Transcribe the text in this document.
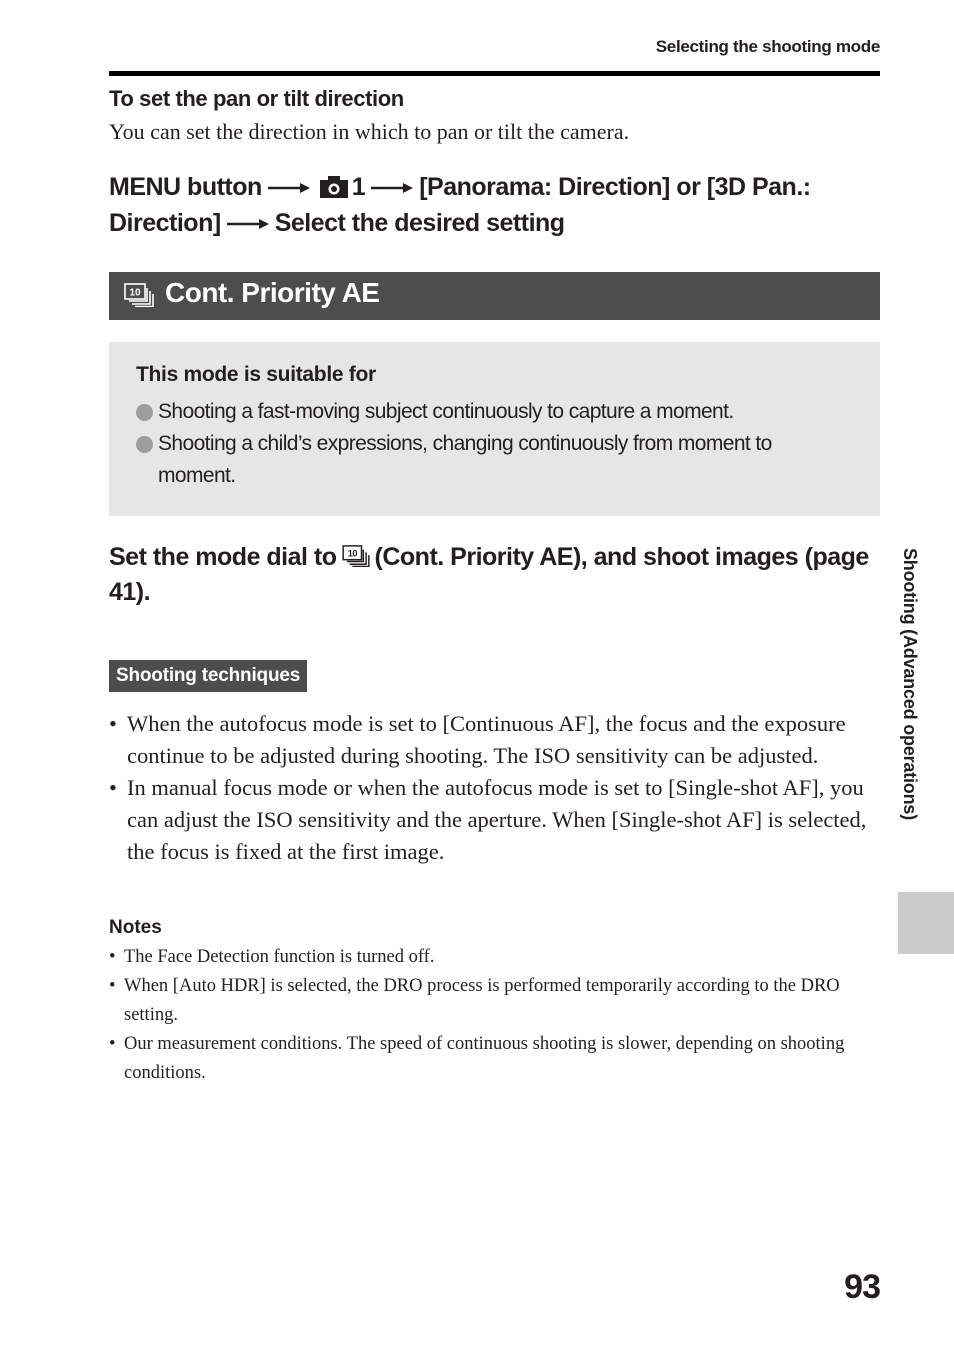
Selecting the shooting mode
To set the pan or tilt direction
You can set the direction in which to pan or tilt the camera.
MENU button	1 [Panorama: Direction] or [3D Pan.: Direction] Select the desired setting
10 Cont. Priority AE
This mode is suitable for
Shooting a fast-moving subject continuously to capture a moment.
Shooting a child’s expressions, changing continuously from moment to moment.
Set the mode dial to 10 (Cont. Priority AE), and shoot images (page 41).
Shooting techniques
• When the autofocus mode is set to [Continuous AF], the focus and the exposure continue to be adjusted during shooting. The ISO sensitivity can be adjusted.
• In manual focus mode or when the autofocus mode is set to [Single-shot AF], you can adjust the ISO sensitivity and the aperture. When [Single-shot AF] is selected, the focus is fixed at the first image.
Notes
• The Face Detection function is turned off.
• When [Auto HDR] is selected, the DRO process is performed temporarily according to the DRO setting.
• Our measurement conditions. The speed of continuous shooting is slower, depending on shooting conditions.
Shooting (Advanced operations)
93
